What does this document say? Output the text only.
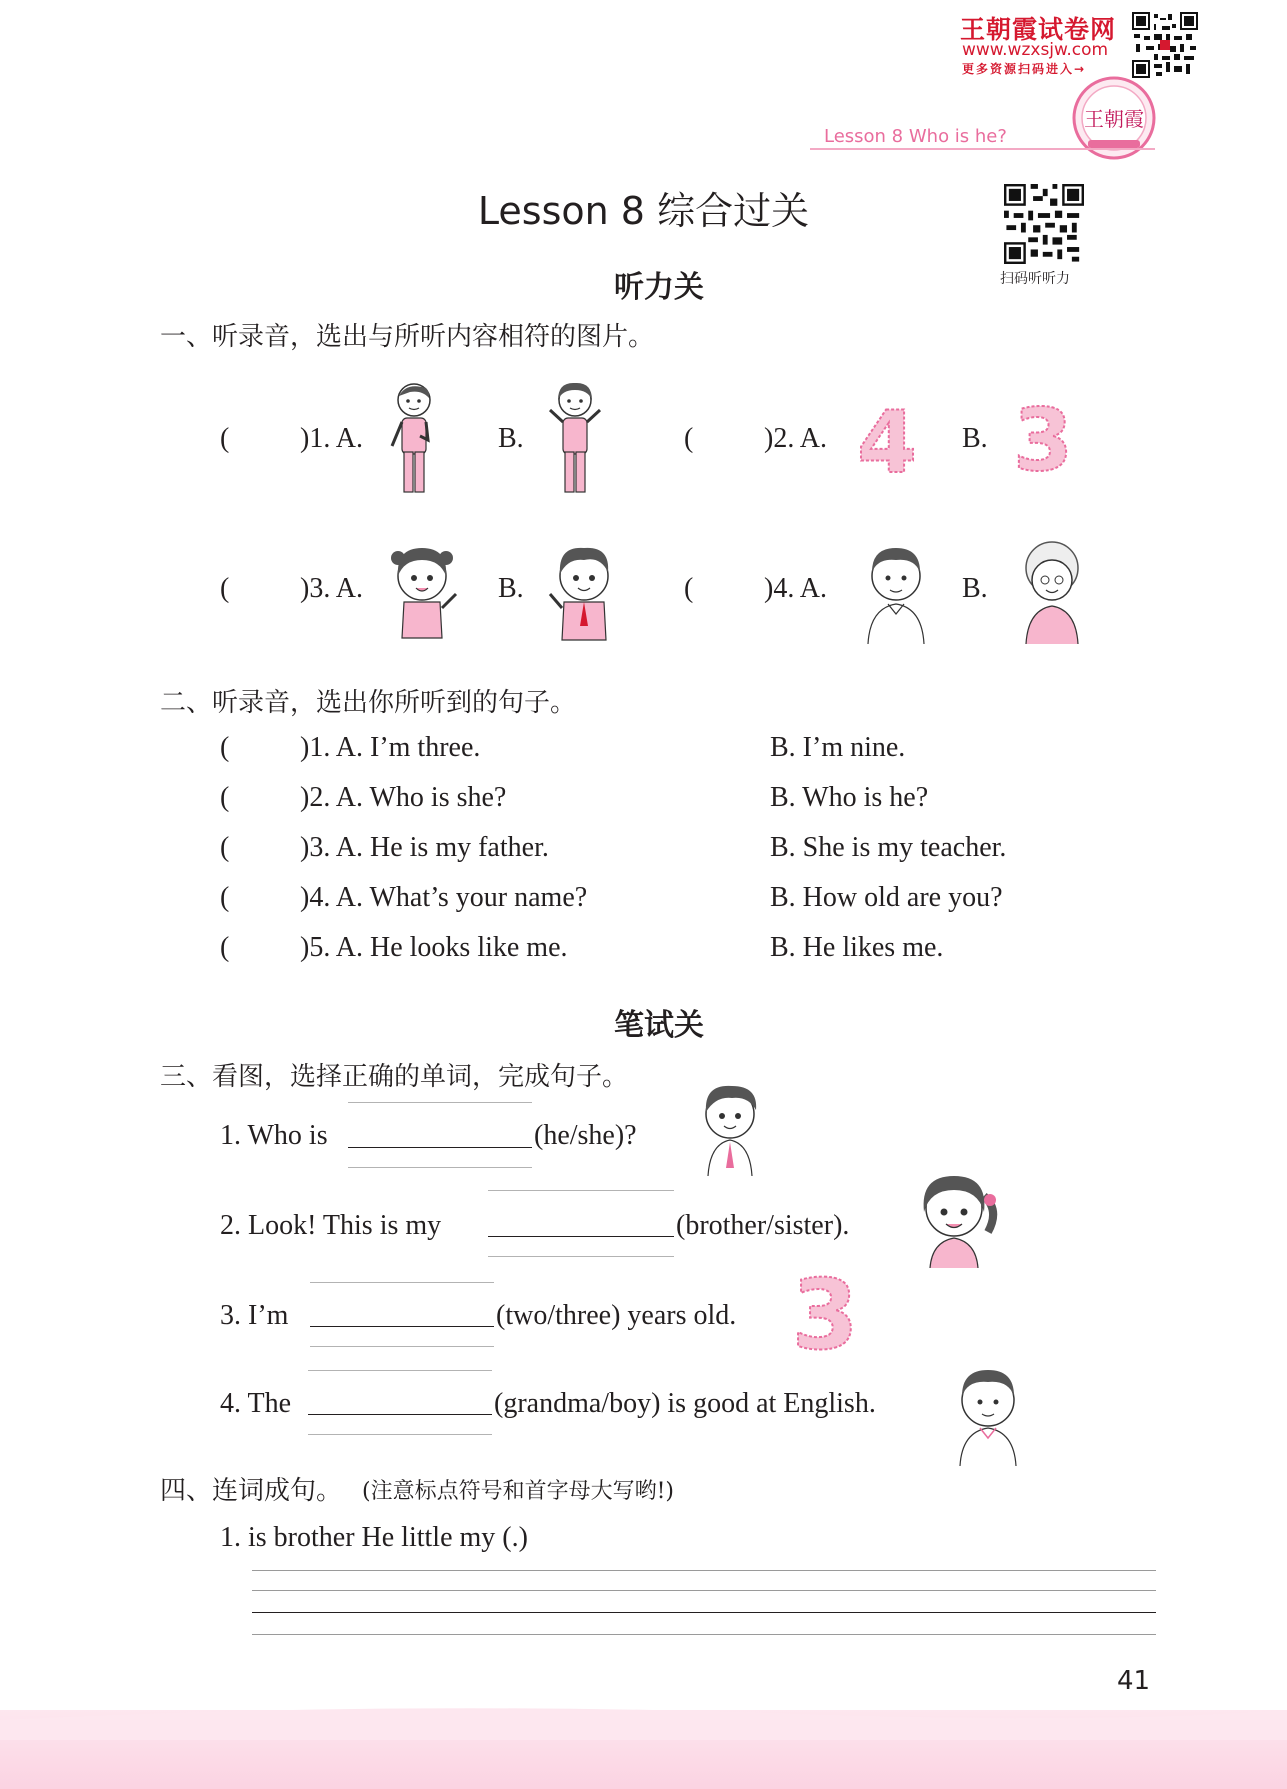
王朝霞试卷网
www.wzxsjw.com
更多资源扫码进入→
王朝霞
Lesson 8 Who is he?
Lesson 8 综合过关
扫码听听力
听力关
一、听录音，选出与所听内容相符的图片。
(	)1. A.	B.	(	)2. A. 4 B. 3
(	)3. A.	B.	(	)4. A.	B.
二、听录音，选出你所听到的句子。
(	)1. A. I’m three.	B. I’m nine.
(	)2. A. Who is she?	B. Who is he?
(	)3. A. He is my father.	B. She is my teacher.
(	)4. A. What’s your name?	B. How old are you?
(	)5. A. He looks like me.	B. He likes me.
笔试关
三、看图，选择正确的单词，完成句子。
1. Who is	(he/she)?
2. Look! This is my	(brother/sister).
3. I’m	(two/three) years old. 3
4. The	(grandma/boy) is good at English.
四、连词成句。 (注意标点符号和首字母大写哟!)
1. is brother He little my (.)
41
